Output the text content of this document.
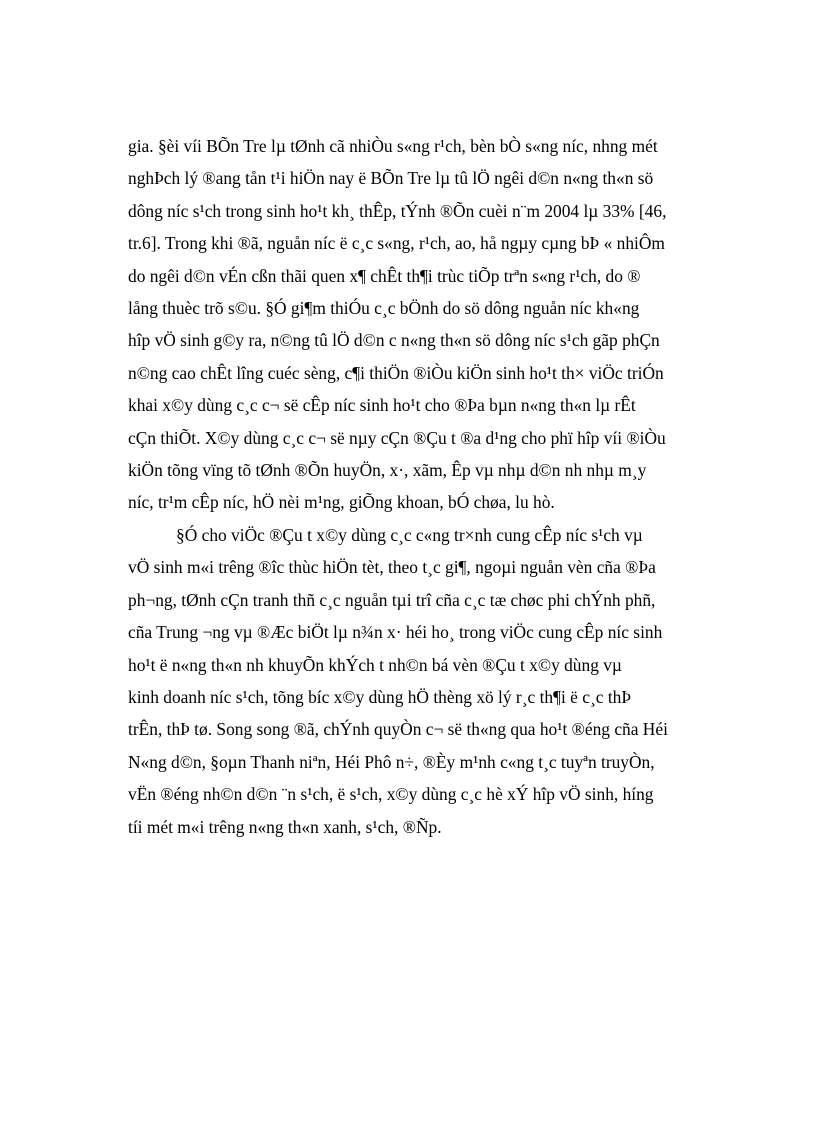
gia. §èi víi BÕn Tre lµ tØnh cã nhiÒu s«ng r¹ch, bèn bÒ s«ng níc, nhng mét
nghÞch lý ®ang tån t¹i hiÖn nay ë BÕn Tre lµ tû lÖ ngêi d©n n«ng th«n sö
dông níc s¹ch trong sinh ho¹t kh¸ thÊp, tÝnh ®Õn cuèi n¨m 2004 lµ 33% [46,
tr.6]. Trong khi ®ã, nguån níc ë c¸c s«ng, r¹ch, ao, hå ngµy cµng bÞ « nhiÔm
do ngêi d©n vÉn cßn thãi quen x¶ chÊt th¶i trùc tiÕp trªn s«ng r¹ch, do ®
lång thuèc trõ s©u. §Ó gi¶m thiÓu c¸c bÖnh do sö dông nguån níc kh«ng
hîp vÖ sinh g©y ra, n©ng tû lÖ d©n c n«ng th«n sö dông níc s¹ch gãp phÇn
n©ng cao chÊt lîng cuéc sèng, c¶i thiÖn ®iÒu kiÖn sinh ho¹t th× viÖc triÓn
khai x©y dùng c¸c c¬ së cÊp níc sinh ho¹t cho ®Þa bµn n«ng th«n lµ rÊt
cÇn thiÕt. X©y dùng c¸c c¬ së nµy cÇn ®Çu t ®a d¹ng cho phï hîp víi ®iÒu
kiÖn tõng vïng tõ tØnh ®Õn huyÖn, x·, xãm, Êp vµ nhµ d©n nh nhµ m¸y
níc, tr¹m cÊp níc, hÖ nèi m¹ng, giÕng khoan, bÓ chøa, lu hò.
§Ó cho viÖc ®Çu t x©y dùng c¸c c«ng tr×nh cung cÊp níc s¹ch vµ
vÖ sinh m«i trêng ®îc thùc hiÖn tèt, theo t¸c gi¶, ngoµi nguån vèn cña ®Þa
ph¬ng, tØnh cÇn tranh thñ c¸c nguån tµi trî cña c¸c tæ chøc phi chÝnh phñ,
cña Trung ¬ng vµ ®Æc biÖt lµ n¾n x· héi ho¸ trong viÖc cung cÊp níc sinh
ho¹t ë n«ng th«n nh khuyÕn khÝch t nh©n bá vèn ®Çu t x©y dùng vµ
kinh doanh níc s¹ch, tõng bíc x©y dùng hÖ thèng xö lý r¸c th¶i ë c¸c thÞ
trÊn, thÞ tø. Song song ®ã, chÝnh quyÒn c¬ së th«ng qua ho¹t ®éng cña Héi
N«ng d©n, §oµn Thanh niªn, Héi Phô n÷, ®Èy m¹nh c«ng t¸c tuyªn truyÒn,
vËn ®éng nh©n d©n ¨n s¹ch, ë s¹ch, x©y dùng c¸c hè xÝ hîp vÖ sinh, híng
tíi mét m«i trêng n«ng th«n xanh, s¹ch, ®Ñp.
